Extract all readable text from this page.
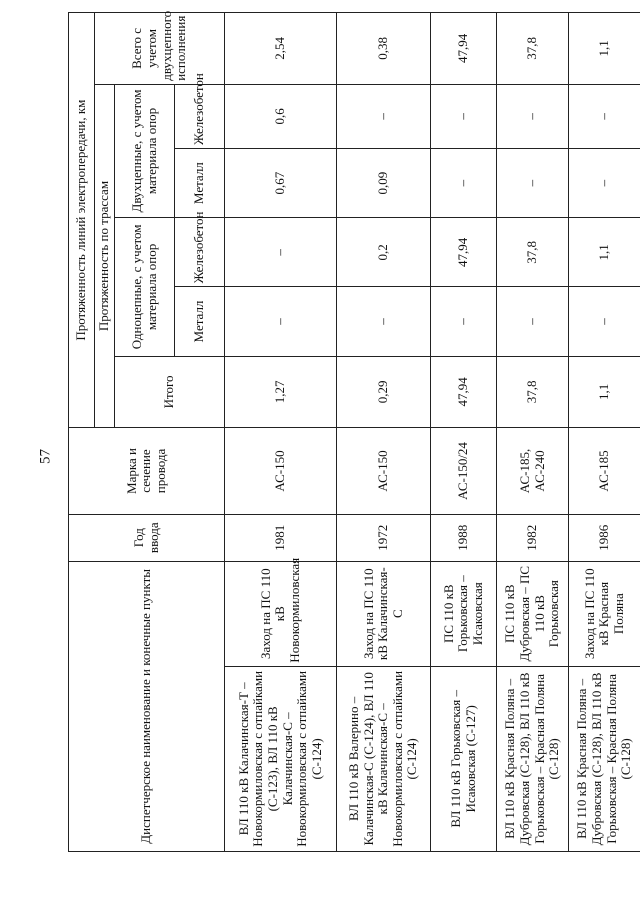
57
Диспетчерское наименование и конечные пункты		Год ввода	Марка и сечение провода	Протяженность линий электропередачи, км					
				Протяженность по трассам					Всего с учетом двухцепного исполнения
				Итого	Одноцепные, с учетом материала опор		Двухцепные, с учетом материала опор		
					Металл	Железобетон	Металл	Железобетон	
ВЛ 110 кВ Калачинская-Т – Новокормиловская с отпайками (С-123), ВЛ 110 кВ Калачинская-С – Новокормиловская с отпайками (С-124)	Заход на ПС 110 кВ Новокормиловская	1981	АС-150	1,27	–	–	0,67	0,6	2,54
ВЛ 110 кВ Валерино – Калачинская-С (С-124), ВЛ 110 кВ Калачинская-С – Новокормиловская с отпайками (С-124)	Заход на ПС 110 кВ Калачинская-С	1972	АС-150	0,29	–	0,2	0,09	–	0,38
ВЛ 110 кВ Горьковская – Исаковская (С-127)	ПС 110 кВ Горьковская – Исаковская	1988	АС-150/24	47,94	–	47,94	–	–	47,94
ВЛ 110 кВ Красная Поляна – Дубровская (С-128), ВЛ 110 кВ Горьковская – Красная Поляна (С-128)	ПС 110 кВ Дубровская – ПС 110 кВ Горьковская	1982	АС-185, АС-240	37,8	–	37,8	–	–	37,8
ВЛ 110 кВ Красная Поляна – Дубровская (С-128), ВЛ 110 кВ Горьковская – Красная Поляна (С-128)	Заход на ПС 110 кВ Красная Поляна	1986	АС-185	1,1	–	1,1	–	–	1,1
